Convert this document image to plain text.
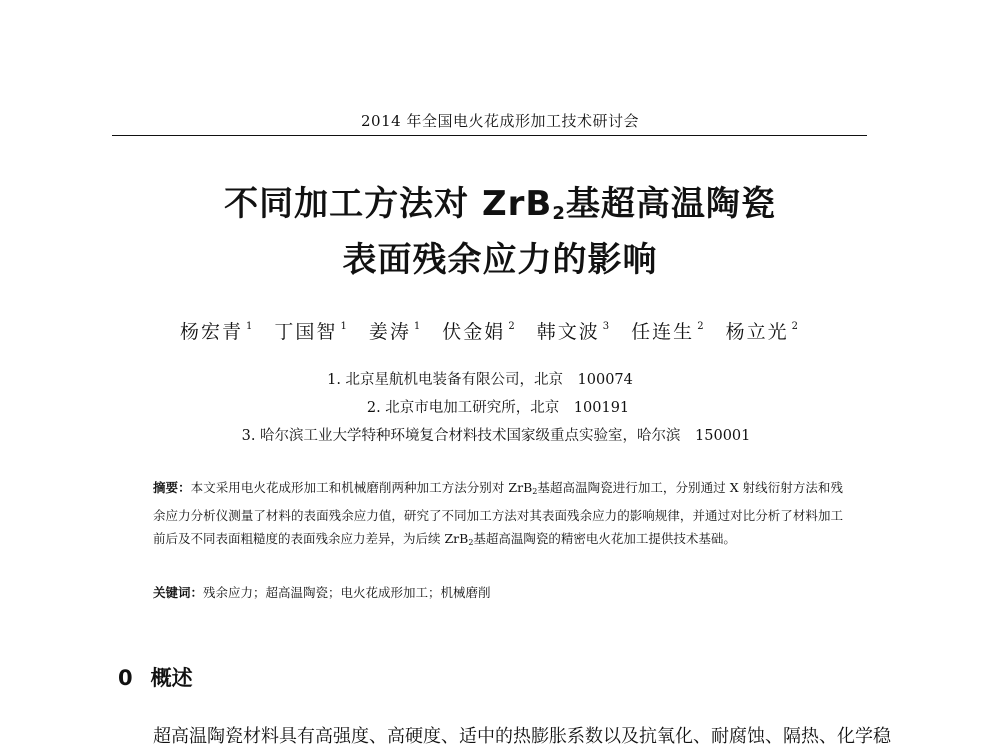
2014 年全国电火花成形加工技术研讨会
不同加工方法对 ZrB$_2$基超高温陶瓷
表面残余应力的影响
杨宏青 $^1$ 丁国智 $^1$ 姜涛 $^1$ 伏金娟 $^2$ 韩文波 $^3$ 任连生 $^2$ 杨立光 $^2$
1. 北京星航机电装备有限公司，北京　100074
2. 北京市电加工研究所，北京　100191
3. 哈尔滨工业大学特种环境复合材料技术国家级重点实验室，哈尔滨　150001
摘要：本文采用电火花成形加工和机械磨削两种加工方法分别对 ZrB$_2$基超高温陶瓷进行加工，分别通过 X 射线衍射方法和残余应力分析仪测量了材料的表面残余应力值，研究了不同加工方法对其表面残余应力的影响规律，并通过对比分析了材料加工前后及不同表面粗糙度的表面残余应力差异，为后续 ZrB$_2$基超高温陶瓷的精密电火花加工提供技术基础。
关键词：残余应力；超高温陶瓷；电火花成形加工；机械磨削
0 概述
超高温陶瓷材料具有高强度、高硬度、适中的热膨胀系数以及抗氧化、耐腐蚀、隔热、化学稳
